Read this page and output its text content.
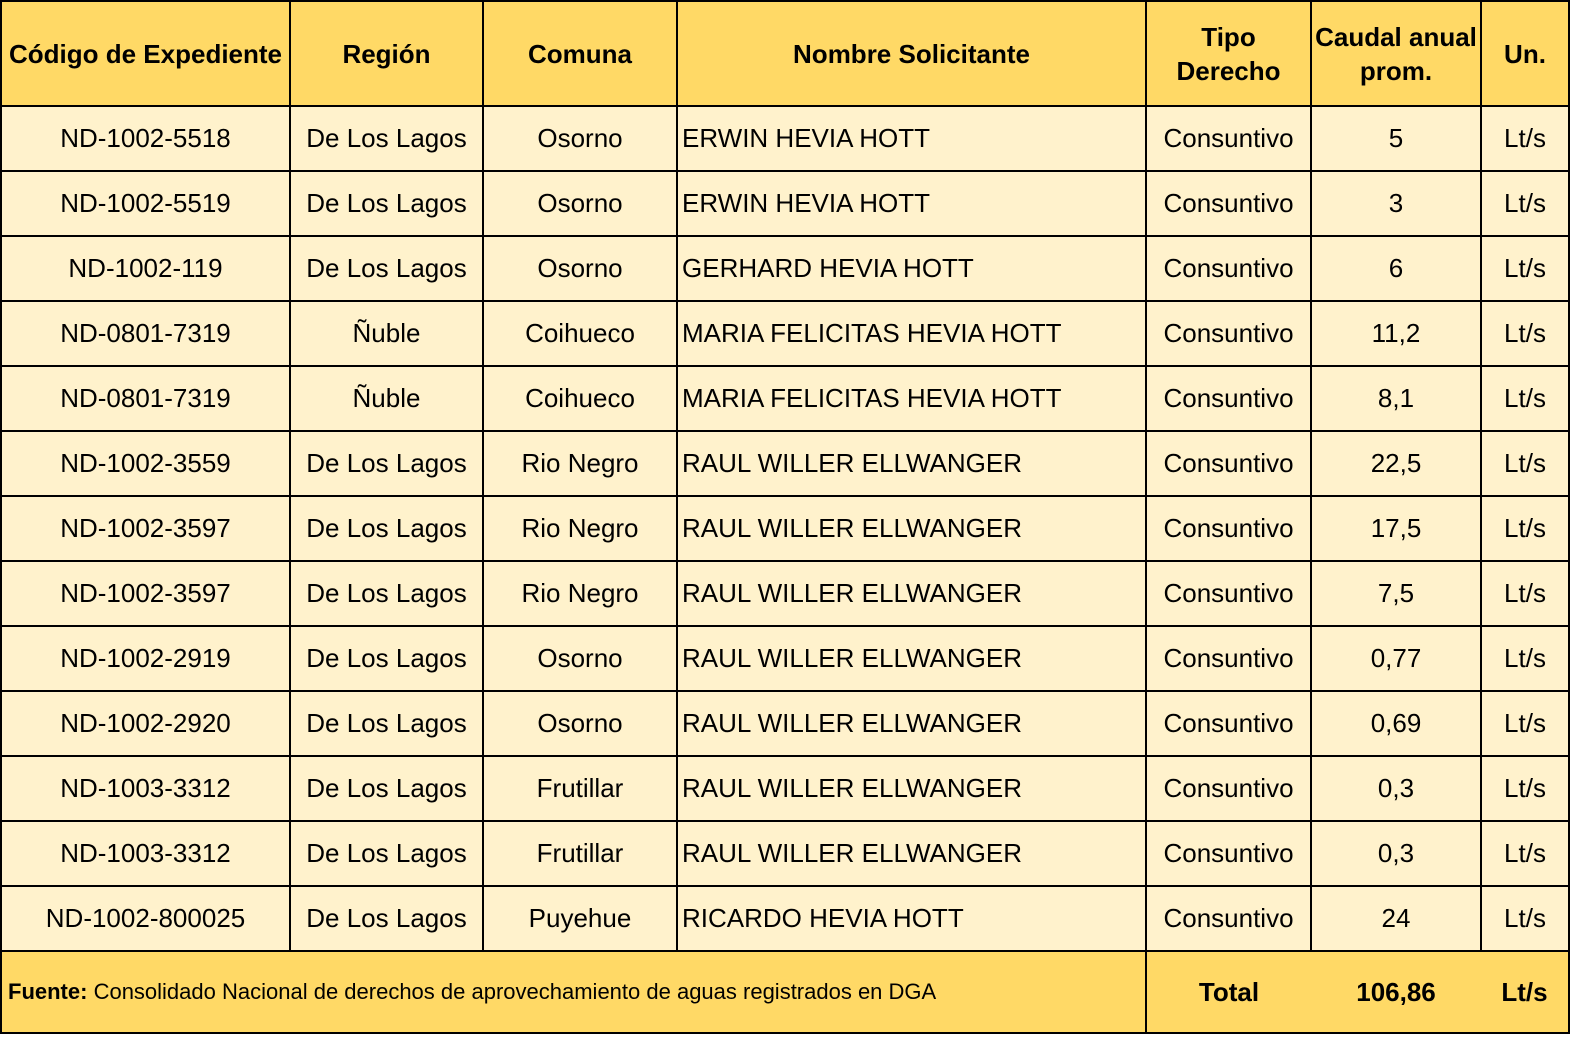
Código de Expediente	Región	Comuna	Nombre Solicitante	Tipo Derecho	Caudal anual prom.	Un.
ND-1002-5518	De Los Lagos	Osorno	ERWIN HEVIA HOTT	Consuntivo	5	Lt/s
ND-1002-5519	De Los Lagos	Osorno	ERWIN HEVIA HOTT	Consuntivo	3	Lt/s
ND-1002-119	De Los Lagos	Osorno	GERHARD HEVIA HOTT	Consuntivo	6	Lt/s
ND-0801-7319	Ñuble	Coihueco	MARIA FELICITAS HEVIA HOTT	Consuntivo	11,2	Lt/s
ND-0801-7319	Ñuble	Coihueco	MARIA FELICITAS HEVIA HOTT	Consuntivo	8,1	Lt/s
ND-1002-3559	De Los Lagos	Rio Negro	RAUL WILLER ELLWANGER	Consuntivo	22,5	Lt/s
ND-1002-3597	De Los Lagos	Rio Negro	RAUL WILLER ELLWANGER	Consuntivo	17,5	Lt/s
ND-1002-3597	De Los Lagos	Rio Negro	RAUL WILLER ELLWANGER	Consuntivo	7,5	Lt/s
ND-1002-2919	De Los Lagos	Osorno	RAUL WILLER ELLWANGER	Consuntivo	0,77	Lt/s
ND-1002-2920	De Los Lagos	Osorno	RAUL WILLER ELLWANGER	Consuntivo	0,69	Lt/s
ND-1003-3312	De Los Lagos	Frutillar	RAUL WILLER ELLWANGER	Consuntivo	0,3	Lt/s
ND-1003-3312	De Los Lagos	Frutillar	RAUL WILLER ELLWANGER	Consuntivo	0,3	Lt/s
ND-1002-800025	De Los Lagos	Puyehue	RICARDO HEVIA HOTT	Consuntivo	24	Lt/s
Fuente: Consolidado Nacional de derechos de aprovechamiento de aguas registrados en DGA				Total	106,86	Lt/s
